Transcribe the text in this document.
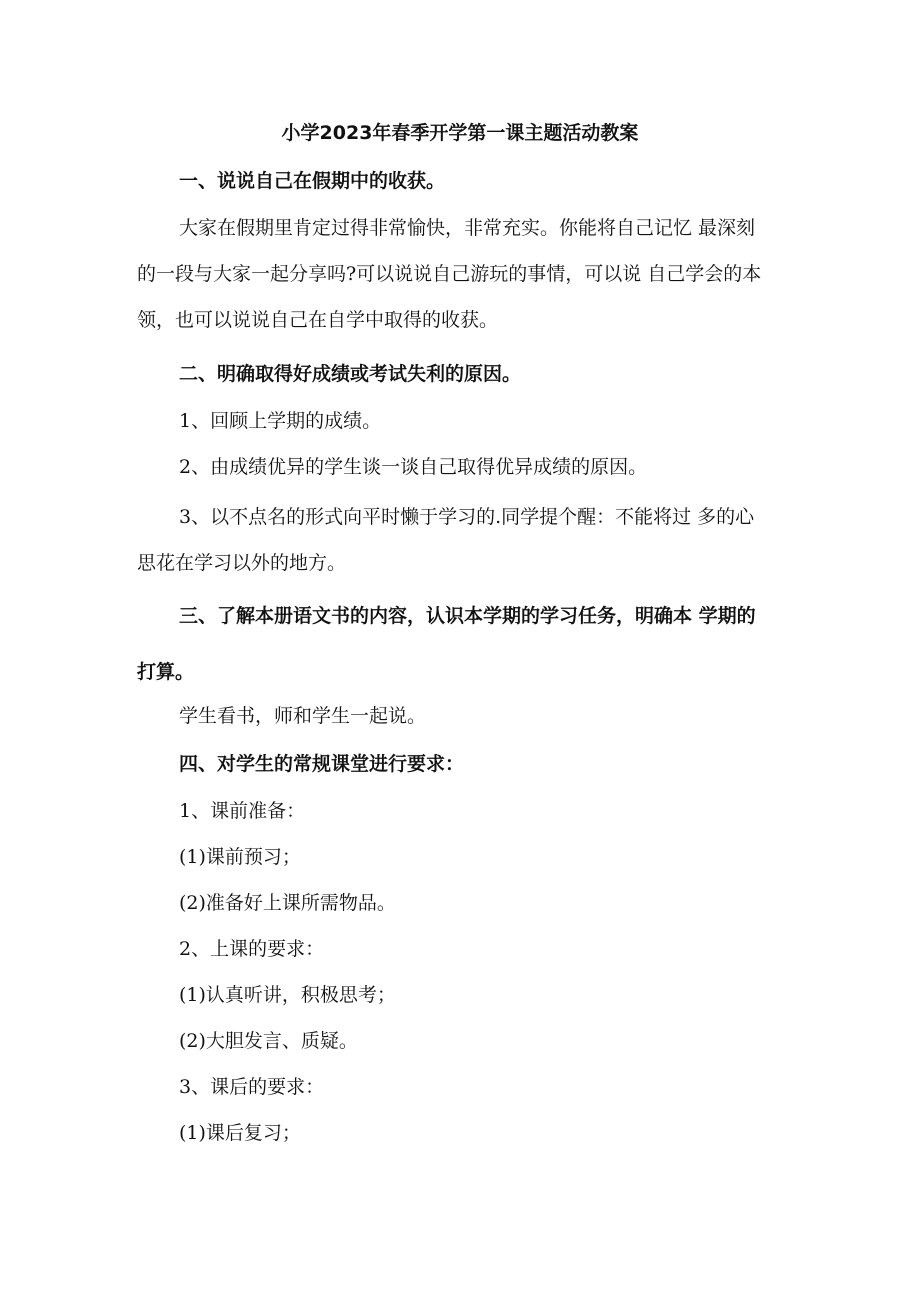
小学2023年春季开学第一课主题活动教案

一、说说自己在假期中的收获。

大家在假期里肯定过得非常愉快，非常充实。你能将自己记忆 最深刻
的一段与大家一起分享吗?可以说说自己游玩的事情，可以说 自己学会的本
领，也可以说说自己在自学中取得的收获。

二、明确取得好成绩或考试失利的原因。

1、回顾上学期的成绩。

2、由成绩优异的学生谈一谈自己取得优异成绩的原因。

3、以不点名的形式向平时懒于学习的.同学提个醒：不能将过 多的心
思花在学习以外的地方。

三、了解本册语文书的内容，认识本学期的学习任务，明确本 学期的
打算。

学生看书，师和学生一起说。

四、对学生的常规课堂进行要求：

1、课前准备：

(1)课前预习；

(2)准备好上课所需物品。

2、上课的要求：

(1)认真听讲，积极思考；

(2)大胆发言、质疑。

3、课后的要求：

(1)课后复习；
